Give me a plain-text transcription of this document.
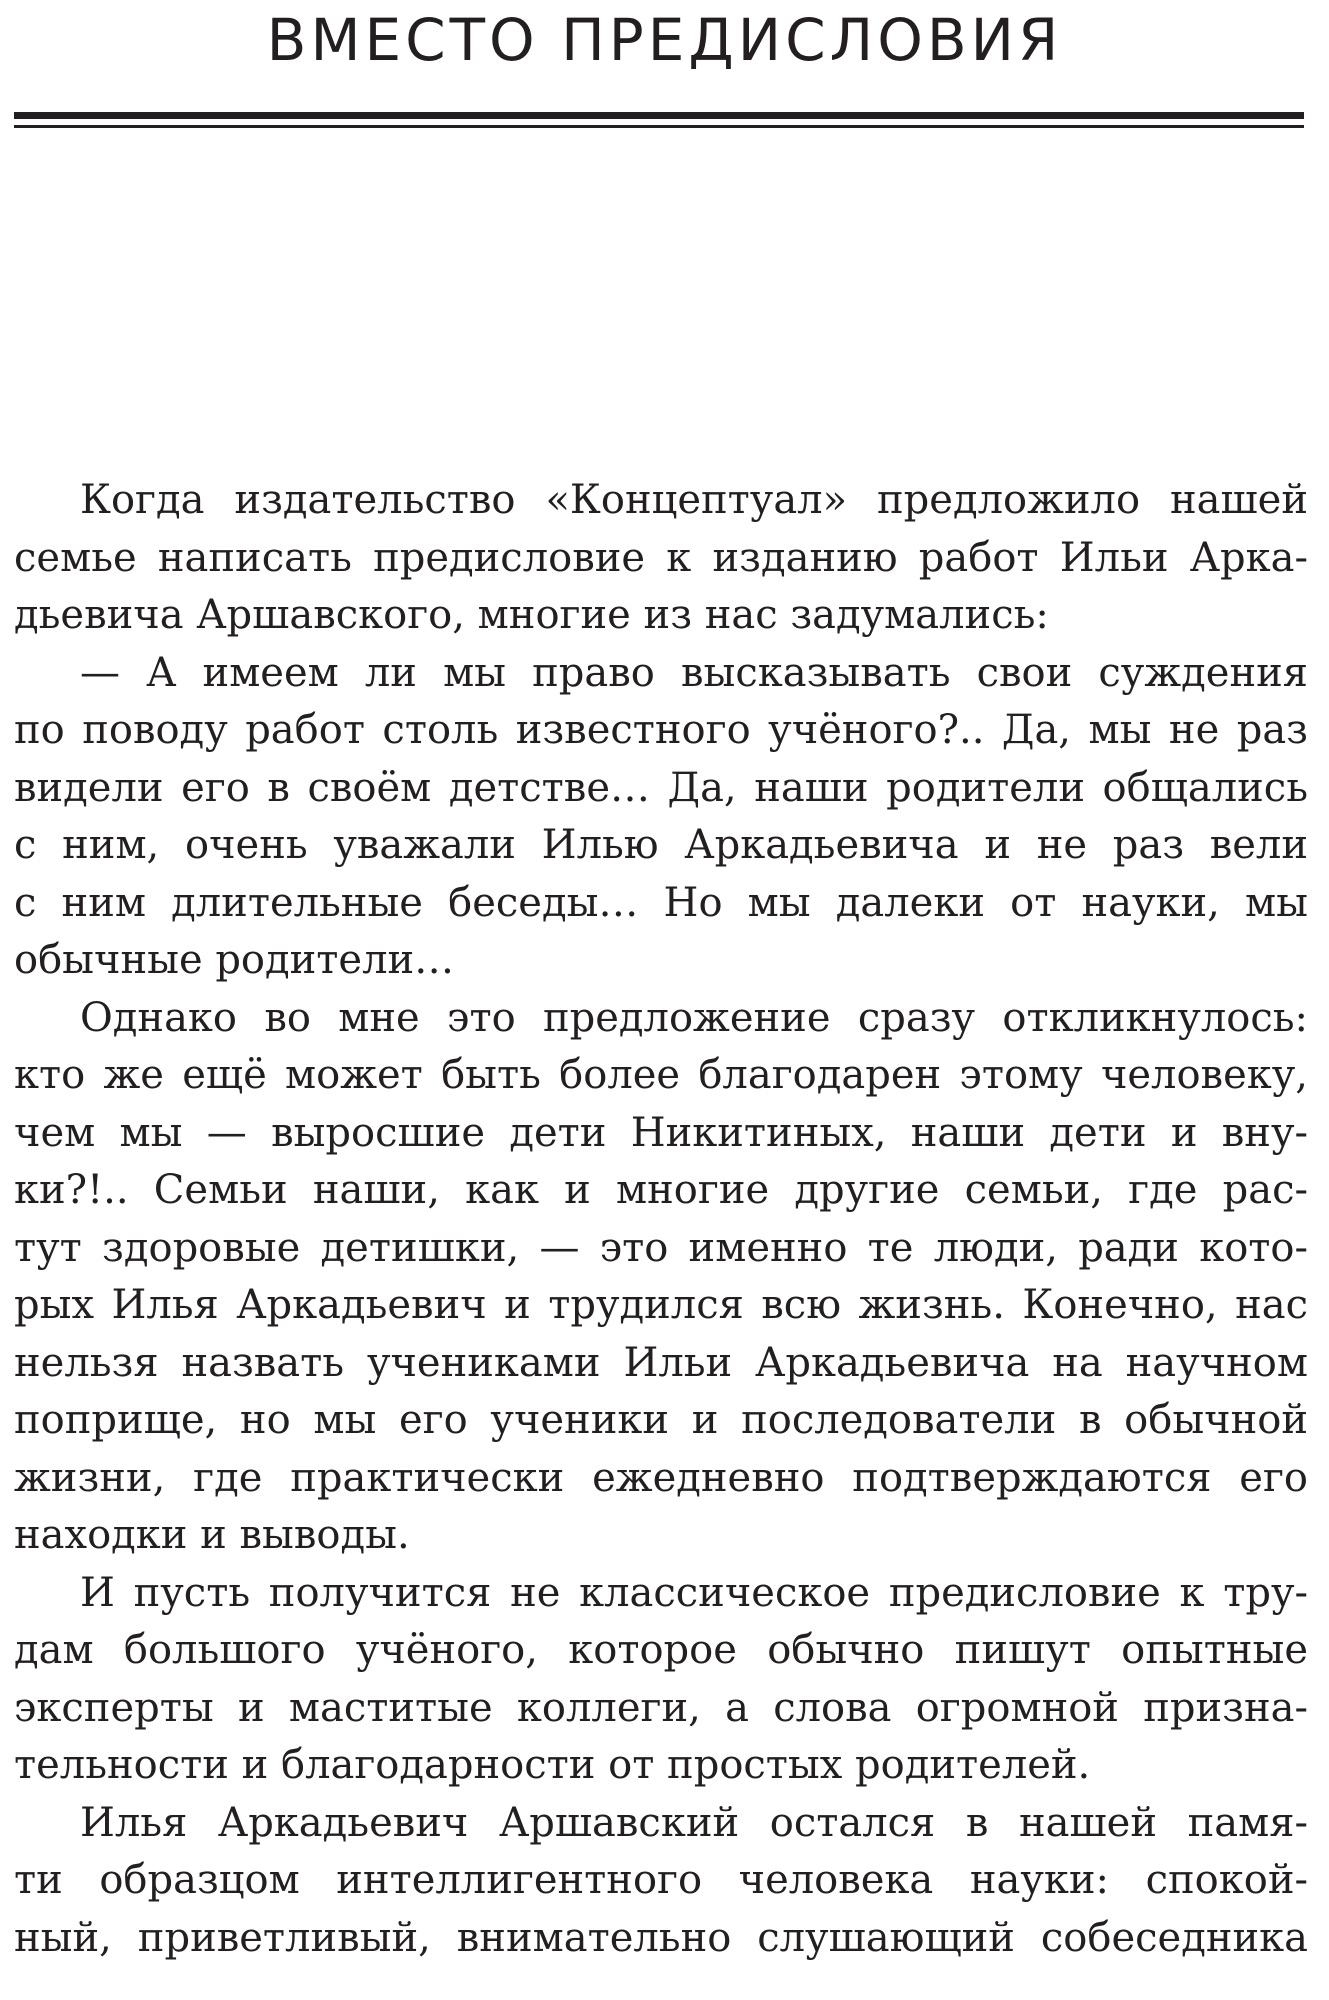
ВМЕСТО ПРЕДИСЛОВИЯ
Когда издательство «Концептуал» предложило нашей
семье написать предисловие к изданию работ Ильи Арка-
дьевича Аршавского, многие из нас задумались:
— А имеем ли мы право высказывать свои суждения
по поводу работ столь известного учёного?.. Да, мы не раз
видели его в своём детстве… Да, наши родители общались
с ним, очень уважали Илью Аркадьевича и не раз вели
с ним длительные беседы… Но мы далеки от науки, мы
обычные родители…
Однако во мне это предложение сразу откликнулось:
кто же ещё может быть более благодарен этому человеку,
чем мы — выросшие дети Никитиных, наши дети и вну-
ки?!.. Семьи наши, как и многие другие семьи, где рас-
тут здоровые детишки, — это именно те люди, ради кото-
рых Илья Аркадьевич и трудился всю жизнь. Конечно, нас
нельзя назвать учениками Ильи Аркадьевича на научном
поприще, но мы его ученики и последователи в обычной
жизни, где практически ежедневно подтверждаются его
находки и выводы.
И пусть получится не классическое предисловие к тру-
дам большого учёного, которое обычно пишут опытные
эксперты и маститые коллеги, а слова огромной призна-
тельности и благодарности от простых родителей.
Илья Аркадьевич Аршавский остался в нашей памя-
ти образцом интеллигентного человека науки: спокой-
ный, приветливый, внимательно слушающий собеседника
